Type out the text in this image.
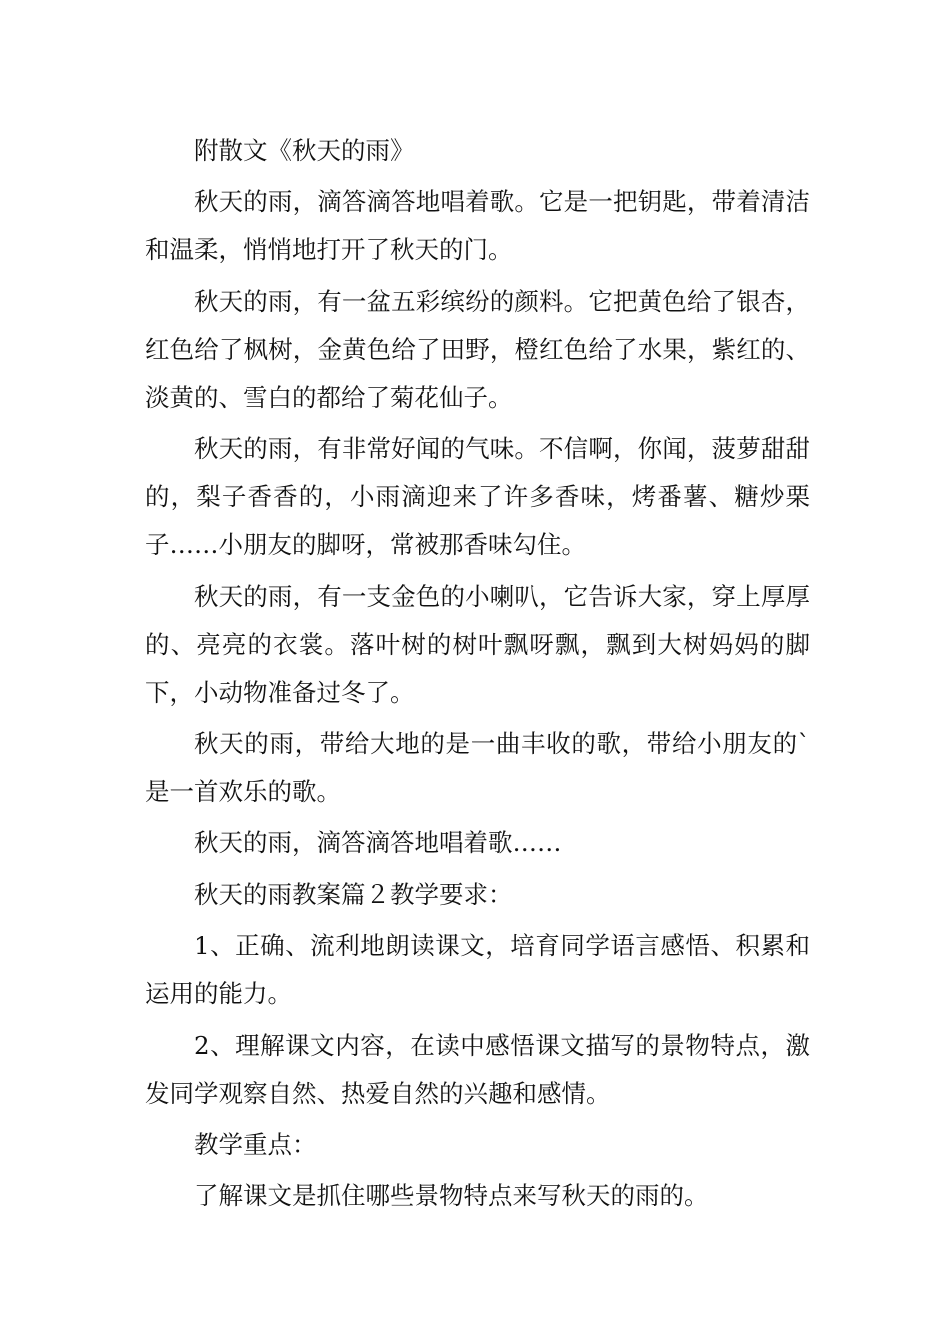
附散文《秋天的雨》

秋天的雨，滴答滴答地唱着歌。它是一把钥匙，带着清洁和温柔，悄悄地打开了秋天的门。

秋天的雨，有一盆五彩缤纷的颜料。它把黄色给了银杏，红色给了枫树，金黄色给了田野，橙红色给了水果，紫红的、淡黄的、雪白的都给了菊花仙子。

秋天的雨，有非常好闻的气味。不信啊，你闻，菠萝甜甜的，梨子香香的，小雨滴迎来了许多香味，烤番薯、糖炒栗子……小朋友的脚呀，常被那香味勾住。

秋天的雨，有一支金色的小喇叭，它告诉大家，穿上厚厚的、亮亮的衣裳。落叶树的树叶飘呀飘，飘到大树妈妈的脚下，小动物准备过冬了。

秋天的雨，带给大地的是一曲丰收的歌，带给小朋友的`是一首欢乐的歌。

秋天的雨，滴答滴答地唱着歌……

秋天的雨教案篇２教学要求：

1、正确、流利地朗读课文，培育同学语言感悟、积累和运用的能力。

2、理解课文内容，在读中感悟课文描写的景物特点，激发同学观察自然、热爱自然的兴趣和感情。

教学重点：

了解课文是抓住哪些景物特点来写秋天的雨的。
